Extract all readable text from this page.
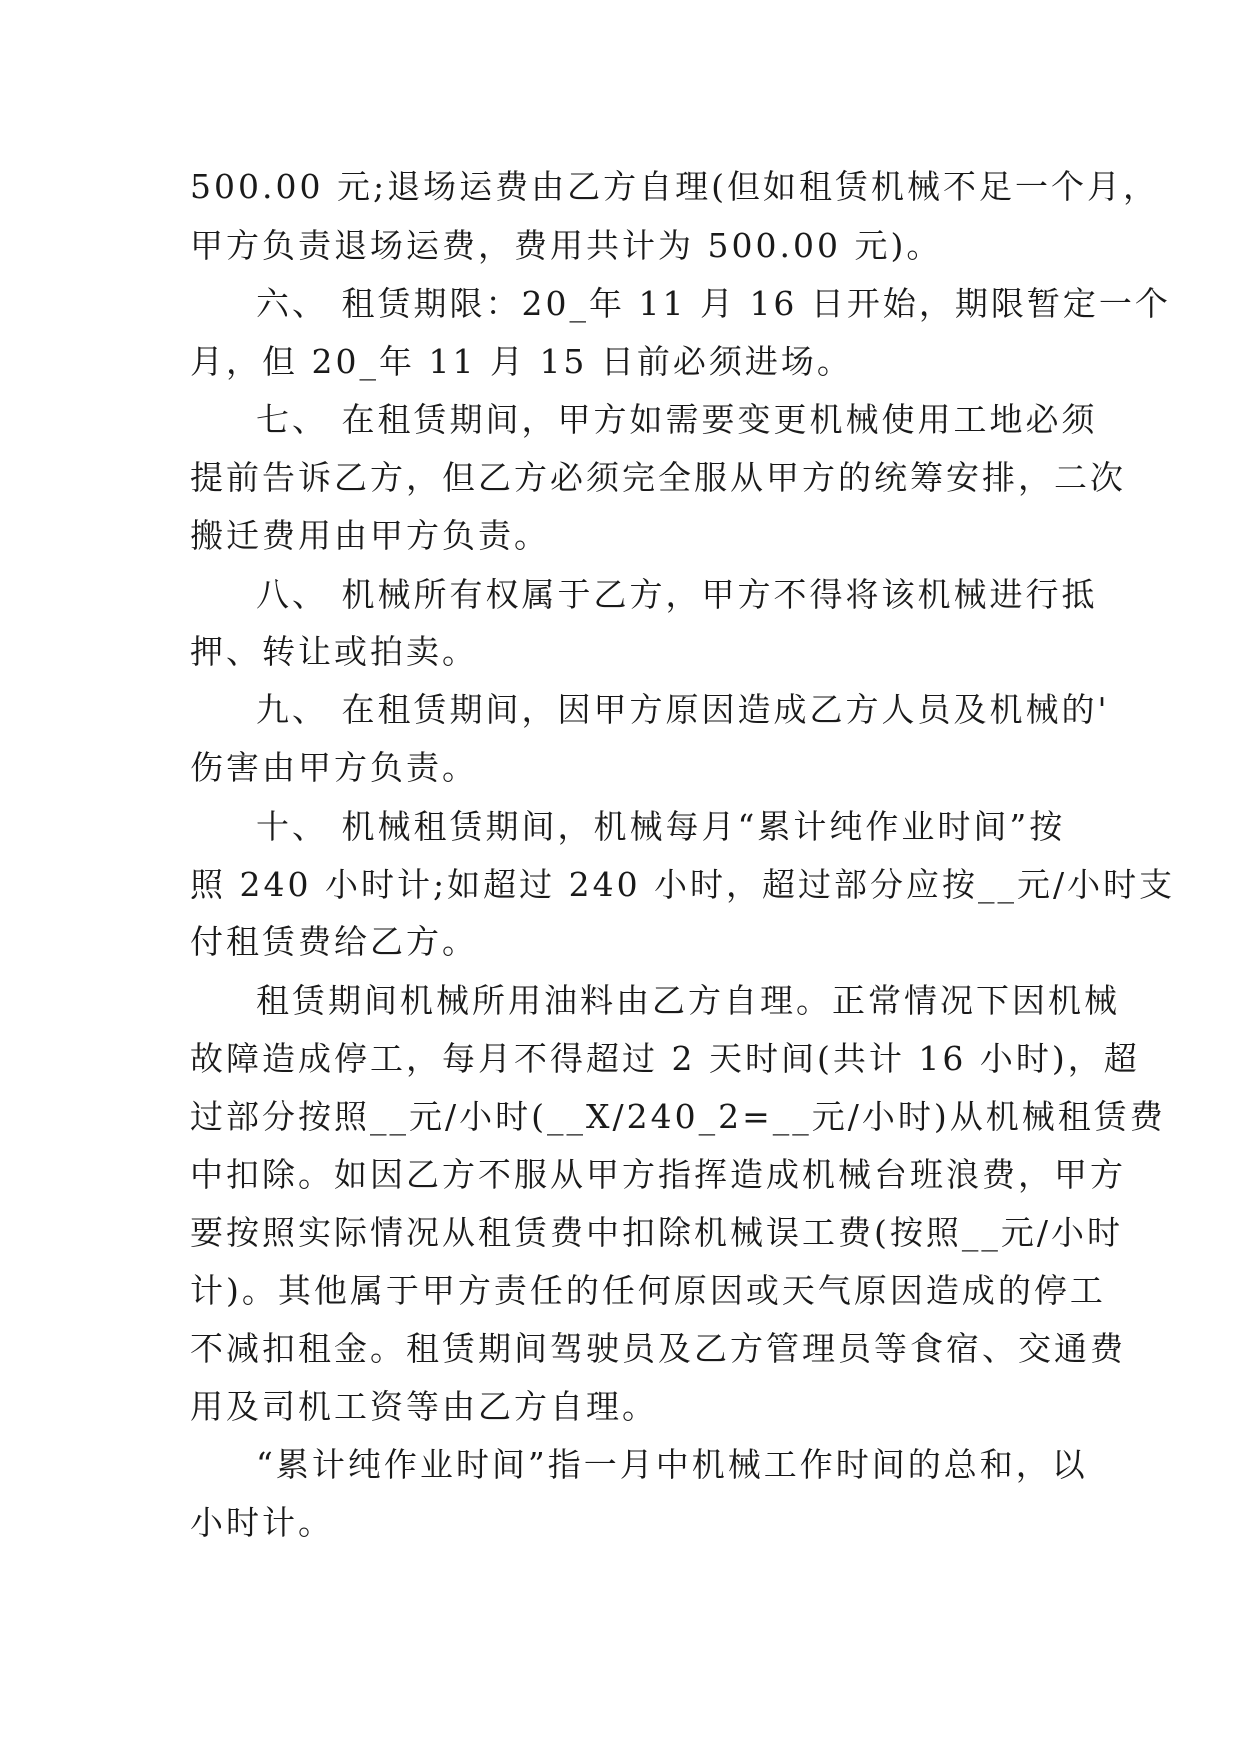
500.00 元;退场运费由乙方自理(但如租赁机械不足一个月，
甲方负责退场运费，费用共计为 500.00 元)。
六、 租赁期限：20_年 11 月 16 日开始，期限暂定一个
月，但 20_年 11 月 15 日前必须进场。
七、 在租赁期间，甲方如需要变更机械使用工地必须
提前告诉乙方，但乙方必须完全服从甲方的统筹安排，二次
搬迁费用由甲方负责。
八、 机械所有权属于乙方，甲方不得将该机械进行抵
押、转让或拍卖。
九、 在租赁期间，因甲方原因造成乙方人员及机械的'
伤害由甲方负责。
十、 机械租赁期间，机械每月“累计纯作业时间”按
照 240 小时计;如超过 240 小时，超过部分应按__元/小时支
付租赁费给乙方。
租赁期间机械所用油料由乙方自理。正常情况下因机械
故障造成停工，每月不得超过 2 天时间(共计 16 小时)，超
过部分按照__元/小时(__X/240_2=__元/小时)从机械租赁费
中扣除。如因乙方不服从甲方指挥造成机械台班浪费，甲方
要按照实际情况从租赁费中扣除机械误工费(按照__元/小时
计)。其他属于甲方责任的任何原因或天气原因造成的停工
不减扣租金。租赁期间驾驶员及乙方管理员等食宿、交通费
用及司机工资等由乙方自理。
“累计纯作业时间”指一月中机械工作时间的总和，以
小时计。
